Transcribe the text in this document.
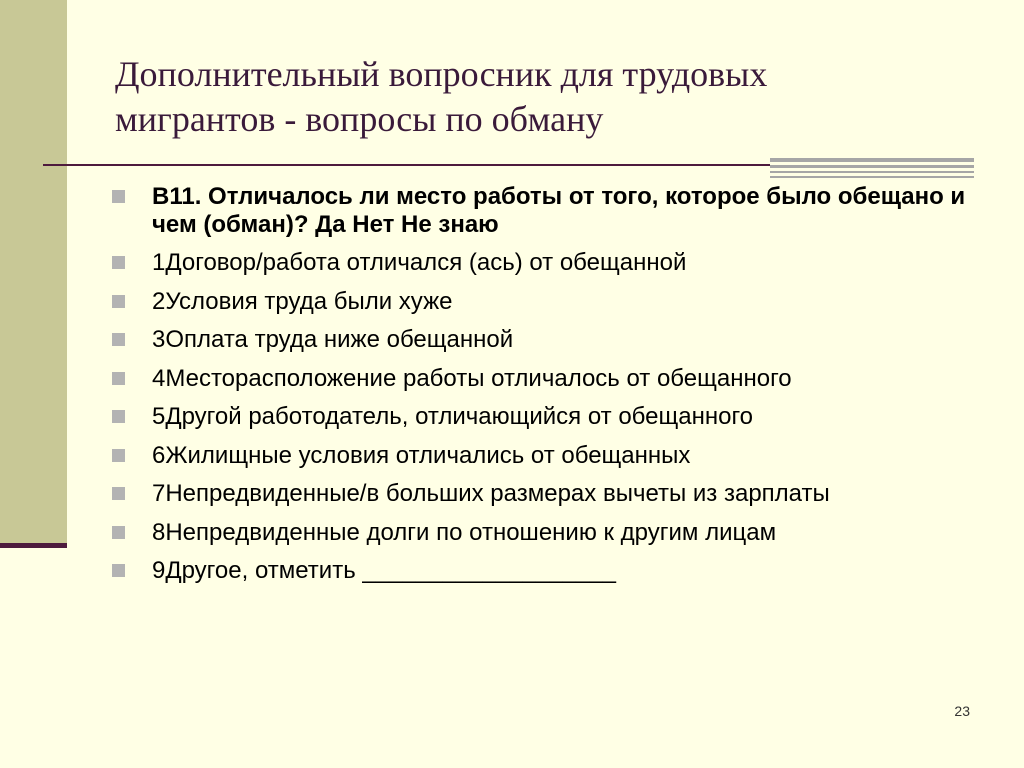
Дополнительный вопросник для трудовых
мигрантов - вопросы по обману
B11. Отличалось ли место работы от того, которое было обещано и чем (обман)? Да Нет Не знаю
1Договор/работа отличался (ась) от обещанной
2Условия труда были хуже
3Оплата труда ниже обещанной
4Месторасположение работы отличалось от обещанного
5Другой работодатель, отличающийся от обещанного
6Жилищные условия отличались от обещанных
7Непредвиденные/в больших размерах вычеты из зарплаты
8Непредвиденные долги по отношению к другим лицам
9Другое, отметить ___________________
23
